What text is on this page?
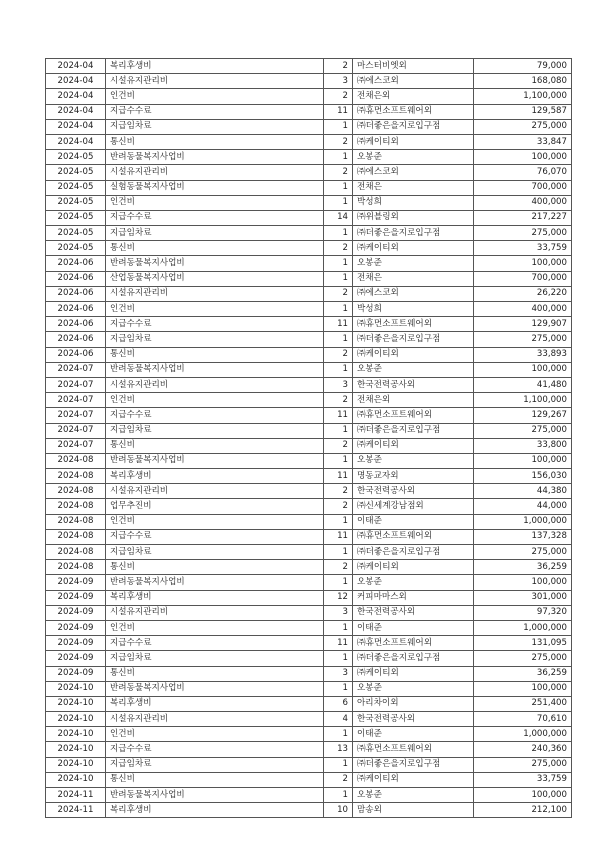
2024-04	복리후생비	2	마스터비엣외	79,000
2024-04	시설유지관리비	3	㈜에스코외	168,080
2024-04	인건비	2	전채은외	1,100,000
2024-04	지급수수료	11	㈜휴먼소프트웨어외	129,587
2024-04	지급임차료	1	㈜더좋은을지로입구점	275,000
2024-04	통신비	2	㈜케이티외	33,847
2024-05	반려동물복지사업비	1	오봉준	100,000
2024-05	시설유지관리비	2	㈜에스코외	76,070
2024-05	실험동물복지사업비	1	전채은	700,000
2024-05	인건비	1	박성희	400,000
2024-05	지급수수료	14	㈜위블링외	217,227
2024-05	지급임차료	1	㈜더좋은을지로입구점	275,000
2024-05	통신비	2	㈜케이티외	33,759
2024-06	반려동물복지사업비	1	오봉준	100,000
2024-06	산업동물복지사업비	1	전채은	700,000
2024-06	시설유지관리비	2	㈜에스코외	26,220
2024-06	인건비	1	박성희	400,000
2024-06	지급수수료	11	㈜휴먼소프트웨어외	129,907
2024-06	지급임차료	1	㈜더좋은을지로입구점	275,000
2024-06	통신비	2	㈜케이티외	33,893
2024-07	반려동물복지사업비	1	오봉준	100,000
2024-07	시설유지관리비	3	한국전력공사외	41,480
2024-07	인건비	2	전채은외	1,100,000
2024-07	지급수수료	11	㈜휴먼소프트웨어외	129,267
2024-07	지급임차료	1	㈜더좋은을지로입구점	275,000
2024-07	통신비	2	㈜케이티외	33,800
2024-08	반려동물복지사업비	1	오봉준	100,000
2024-08	복리후생비	11	명동교자외	156,030
2024-08	시설유지관리비	2	한국전력공사외	44,380
2024-08	업무추진비	2	㈜신세계강남점외	44,000
2024-08	인건비	1	이태준	1,000,000
2024-08	지급수수료	11	㈜휴먼소프트웨어외	137,328
2024-08	지급임차료	1	㈜더좋은을지로입구점	275,000
2024-08	통신비	2	㈜케이티외	36,259
2024-09	반려동물복지사업비	1	오봉준	100,000
2024-09	복리후생비	12	커피마마스외	301,000
2024-09	시설유지관리비	3	한국전력공사외	97,320
2024-09	인건비	1	이태준	1,000,000
2024-09	지급수수료	11	㈜휴먼소프트웨어외	131,095
2024-09	지급임차료	1	㈜더좋은을지로입구점	275,000
2024-09	통신비	3	㈜케이티외	36,259
2024-10	반려동물복지사업비	1	오봉준	100,000
2024-10	복리후생비	6	아리차이외	251,400
2024-10	시설유지관리비	4	한국전력공사외	70,610
2024-10	인건비	1	이태준	1,000,000
2024-10	지급수수료	13	㈜휴먼소프트웨어외	240,360
2024-10	지급임차료	1	㈜더좋은을지로입구점	275,000
2024-10	통신비	2	㈜케이티외	33,759
2024-11	반려동물복지사업비	1	오봉준	100,000
2024-11	복리후생비	10	맘송외	212,100
